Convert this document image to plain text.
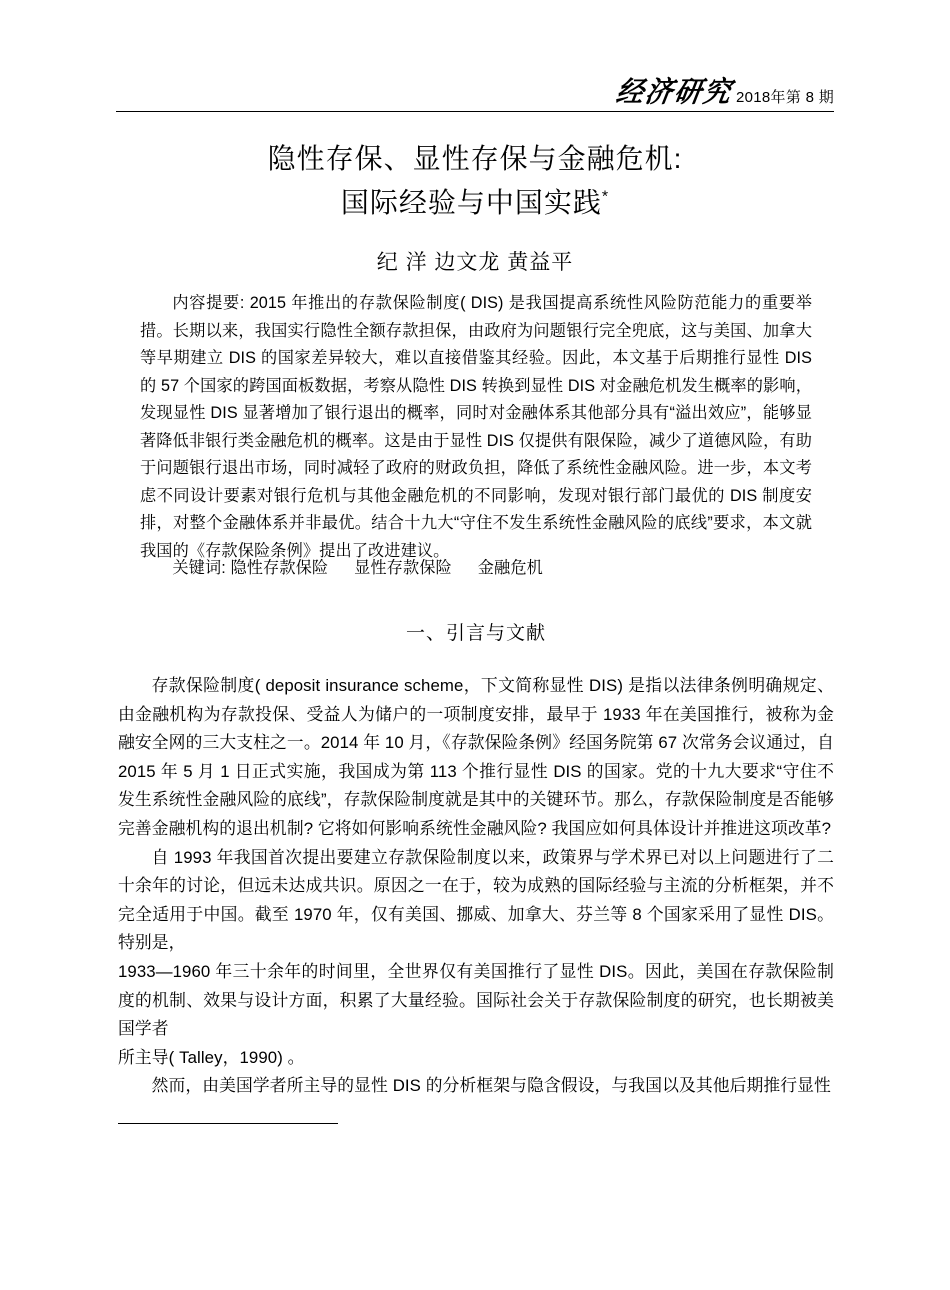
经济研究 2018年第 8 期
隐性存保、显性存保与金融危机:
国际经验与中国实践*
纪 洋 边文龙 黄益平

内容提要: 2015 年推出的存款保险制度( DIS) 是我国提高系统性风险防范能力的重要举措。长期以来，我国实行隐性全额存款担保，由政府为问题银行完全兜底，这与美国、加拿大等早期建立 DIS 的国家差异较大，难以直接借鉴其经验。因此，本文基于后期推行显性 DIS 的 57 个国家的跨国面板数据，考察从隐性 DIS 转换到显性 DIS 对金融危机发生概率的影响，发现显性 DIS 显著增加了银行退出的概率，同时对金融体系其他部分具有“溢出效应”，能够显著降低非银行类金融危机的概率。这是由于显性 DIS 仅提供有限保险，减少了道德风险，有助于问题银行退出市场，同时减轻了政府的财政负担，降低了系统性金融风险。进一步，本文考虑不同设计要素对银行危机与其他金融危机的不同影响，发现对银行部门最优的 DIS 制度安排，对整个金融体系并非最优。结合十九大“守住不发生系统性金融风险的底线”要求，本文就我国的《存款保险条例》提出了改进建议。

关键词: 隐性存款保险 显性存款保险 金融危机
一、引言与文献

存款保险制度( deposit insurance scheme，下文简称显性 DIS) 是指以法律条例明确规定、由金融机构为存款投保、受益人为储户的一项制度安排，最早于 1933 年在美国推行，被称为金融安全网的三大支柱之一。2014 年 10 月，《存款保险条例》经国务院第 67 次常务会议通过，自 2015 年 5 月 1 日正式实施，我国成为第 113 个推行显性 DIS 的国家。党的十九大要求“守住不发生系统性金融风险的底线”，存款保险制度就是其中的关键环节。那么，存款保险制度是否能够完善金融机构的退出机制? 它将如何影响系统性金融风险? 我国应如何具体设计并推进这项改革?

自 1993 年我国首次提出要建立存款保险制度以来，政策界与学术界已对以上问题进行了二十余年的讨论，但远未达成共识。原因之一在于，较为成熟的国际经验与主流的分析框架，并不完全适用于中国。截至 1970 年，仅有美国、挪威、加拿大、芬兰等 8 个国家采用了显性 DIS。特别是，

1933—1960 年三十余年的时间里，全世界仅有美国推行了显性 DIS。因此，美国在存款保险制度的机制、效果与设计方面，积累了大量经验。国际社会关于存款保险制度的研究，也长期被美国学者

所主导( Talley，1990) 。

然而，由美国学者所主导的显性 DIS 的分析框架与隐含假设，与我国以及其他后期推行显性
